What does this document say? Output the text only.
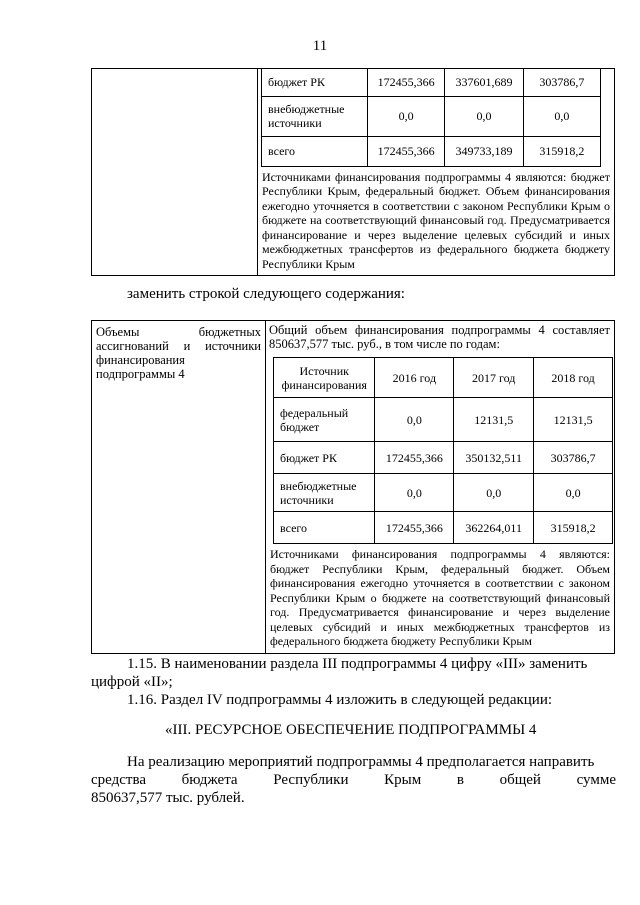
11

бюджет РК	172455,366	337601,689	303786,7
внебюджетные источники	0,0	0,0	0,0
всего	172455,366	349733,189	315918,2
Источниками финансирования подпрограммы 4 являются: бюджет Республики Крым, федеральный бюджет. Объем финансирования ежегодно уточняется в соответствии с законом Республики Крым о бюджете на соответствующий финансовый год. Предусматривается финансирование и через выделение целевых субсидий и иных межбюджетных трансфертов из федерального бюджета бюджету Республики Крым
заменить строкой следующего содержания:
Объемы бюджетных ассигнований и источники финансирования подпрограммы 4

Общий объем финансирования подпрограммы 4 составляет 850637,577 тыс. руб., в том числе по годам:
Источник финансирования	2016 год	2017 год	2018 год
федеральный бюджет	0,0	12131,5	12131,5
бюджет РК	172455,366	350132,511	303786,7
внебюджетные источники	0,0	0,0	0,0
всего	172455,366	362264,011	315918,2
Источниками финансирования подпрограммы 4 являются: бюджет Республики Крым, федеральный бюджет. Объем финансирования ежегодно уточняется в соответствии с законом Республики Крым о бюджете на соответствующий финансовый год. Предусматривается финансирование и через выделение целевых субсидий и иных межбюджетных трансфертов из федерального бюджета бюджету Республики Крым
1.15. В наименовании раздела III подпрограммы 4 цифру «III» заменить
цифрой «II»;
1.16. Раздел IV подпрограммы 4 изложить в следующей редакции:
«III. РЕСУРСНОЕ ОБЕСПЕЧЕНИЕ ПОДПРОГРАММЫ 4
На реализацию мероприятий подпрограммы 4 предполагается направить
средства бюджета Республики Крым в общей сумме
850637,577 тыс. рублей.
